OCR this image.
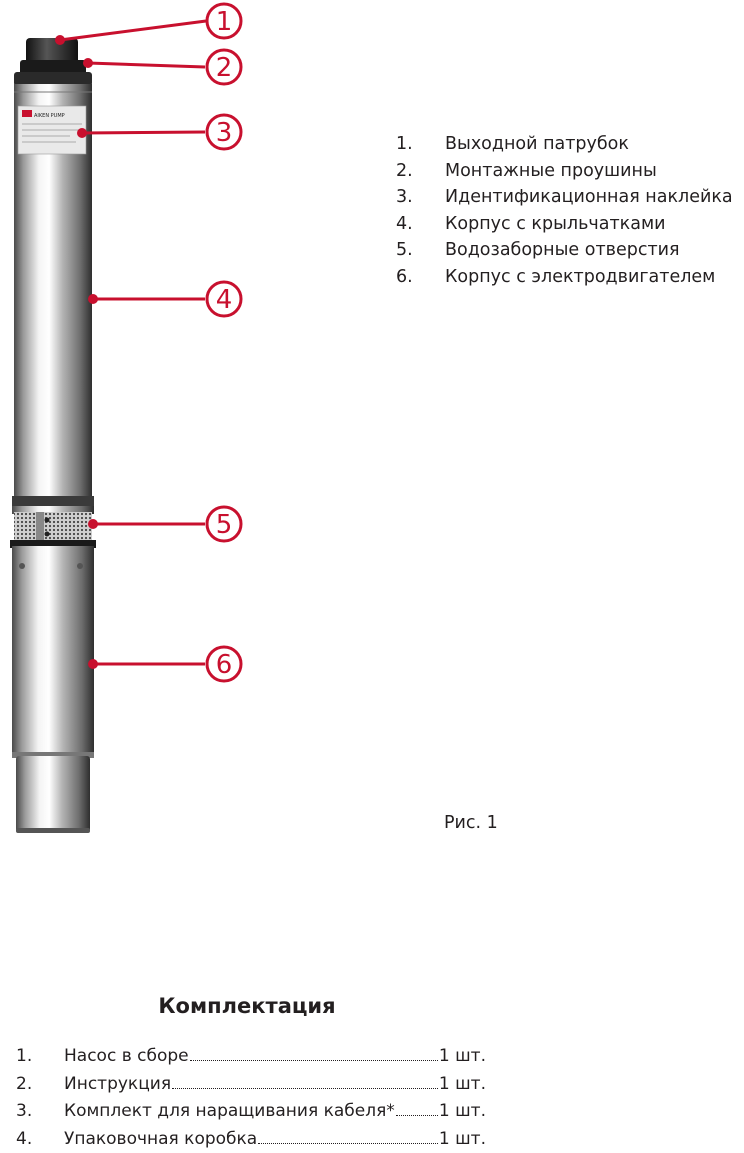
AIKEN PUMP
1
2
3
4
5
6
1. Выходной патрубок
2. Монтажные проушины
3. Идентификационная наклейка
4. Корпус с крыльчатками
5. Водозаборные отверстия
6. Корпус с электродвигателем
Рис. 1
Комплектация
1.	Насос в сборе	1 шт.
2.	Инструкция	1 шт.
3.	Комплект для наращивания кабеля*	1 шт.
4.	Упаковочная коробка	1 шт.
